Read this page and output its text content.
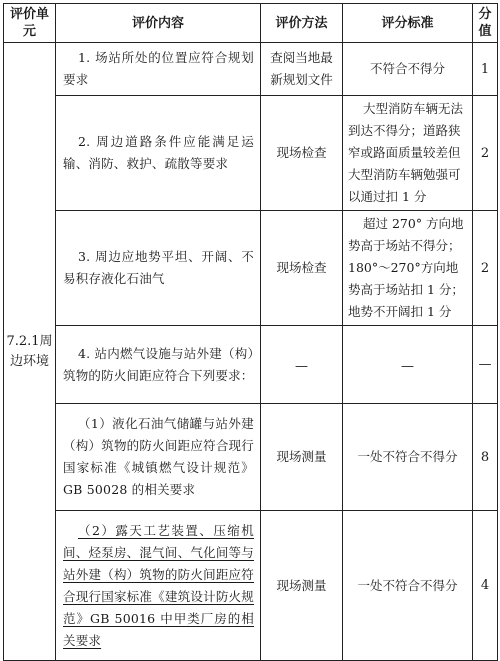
评价单元	评价内容	评价方法	评分标准	分值
7.2.1周边环境	1. 场站所处的位置应符合规划要求	查阅当地最新规划文件	不符合不得分	1

	2. 周边道路条件应能满足运输、消防、救护、疏散等要求	现场检查	大型消防车辆无法到达不得分；道路狭窄或路面质量较差但大型消防车辆勉强可以通过扣 1 分	2

	3. 周边应地势平坦、开阔、不易积存液化石油气	现场检查	超过 270° 方向地势高于场站不得分；180°～270°方向地势高于场站扣 1 分；地势不开阔扣 1 分	2

	4. 站内燃气设施与站外建（构）筑物的防火间距应符合下列要求：	—	—	—

	（1）液化石油气储罐与站外建（构）筑物的防火间距应符合现行国家标准《城镇燃气设计规范》GB 50028 的相关要求	现场测量	一处不符合不得分	8

	（2）露天工艺装置、压缩机间、烃泵房、混气间、气化间等与站外建（构）筑物的防火间距应符合现行国家标准《建筑设计防火规范》GB 50016 中甲类厂房的相关要求	现场测量	一处不符合不得分	4
